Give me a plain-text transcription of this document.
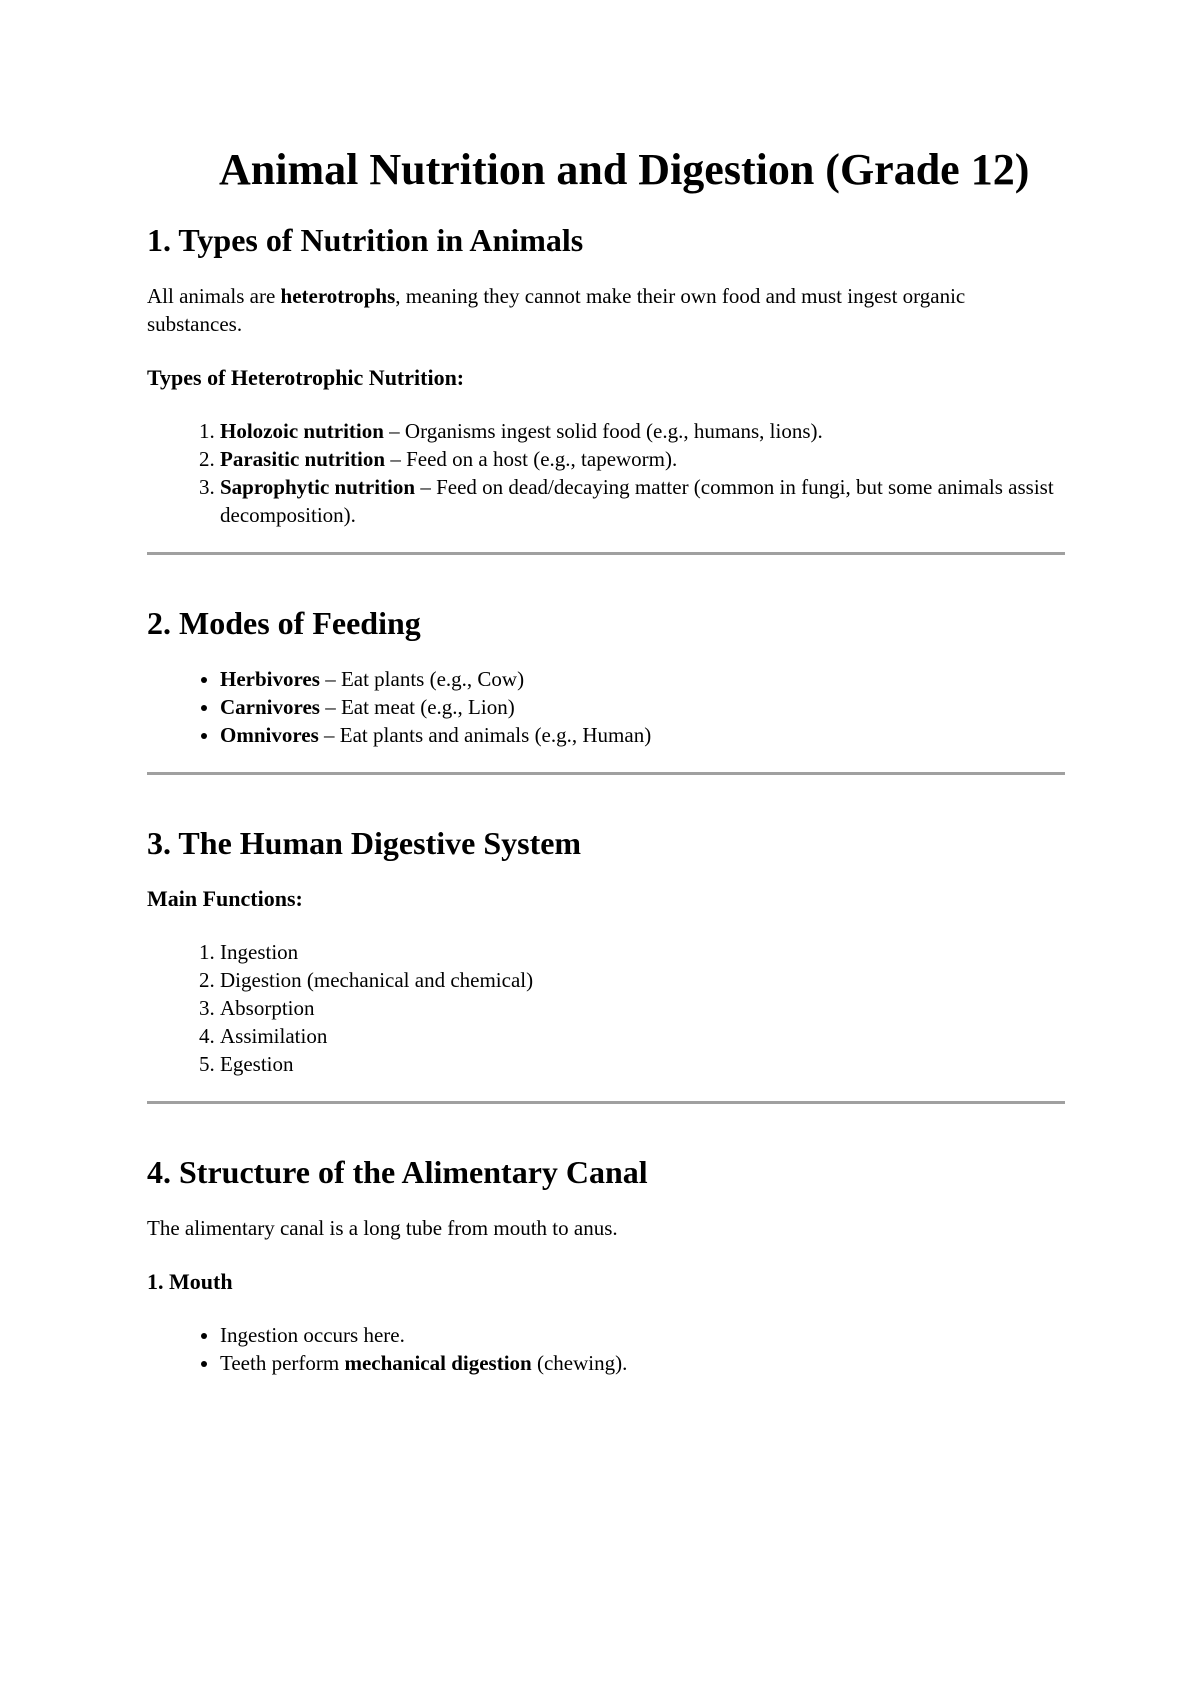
Animal Nutrition and Digestion (Grade 12)
1. Types of Nutrition in Animals

All animals are heterotrophs, meaning they cannot make their own food and must ingest organic substances.

Types of Heterotrophic Nutrition:
1. Holozoic nutrition – Organisms ingest solid food (e.g., humans, lions).
2. Parasitic nutrition – Feed on a host (e.g., tapeworm).
3. Saprophytic nutrition – Feed on dead/decaying matter (common in fungi, but some animals assist decomposition).
2. Modes of Feeding
• Herbivores – Eat plants (e.g., Cow)
• Carnivores – Eat meat (e.g., Lion)
• Omnivores – Eat plants and animals (e.g., Human)
3. The Human Digestive System
Main Functions:
1. Ingestion
2. Digestion (mechanical and chemical)
3. Absorption
4. Assimilation
5. Egestion
4. Structure of the Alimentary Canal

The alimentary canal is a long tube from mouth to anus.

1. Mouth
• Ingestion occurs here.
• Teeth perform mechanical digestion (chewing).
